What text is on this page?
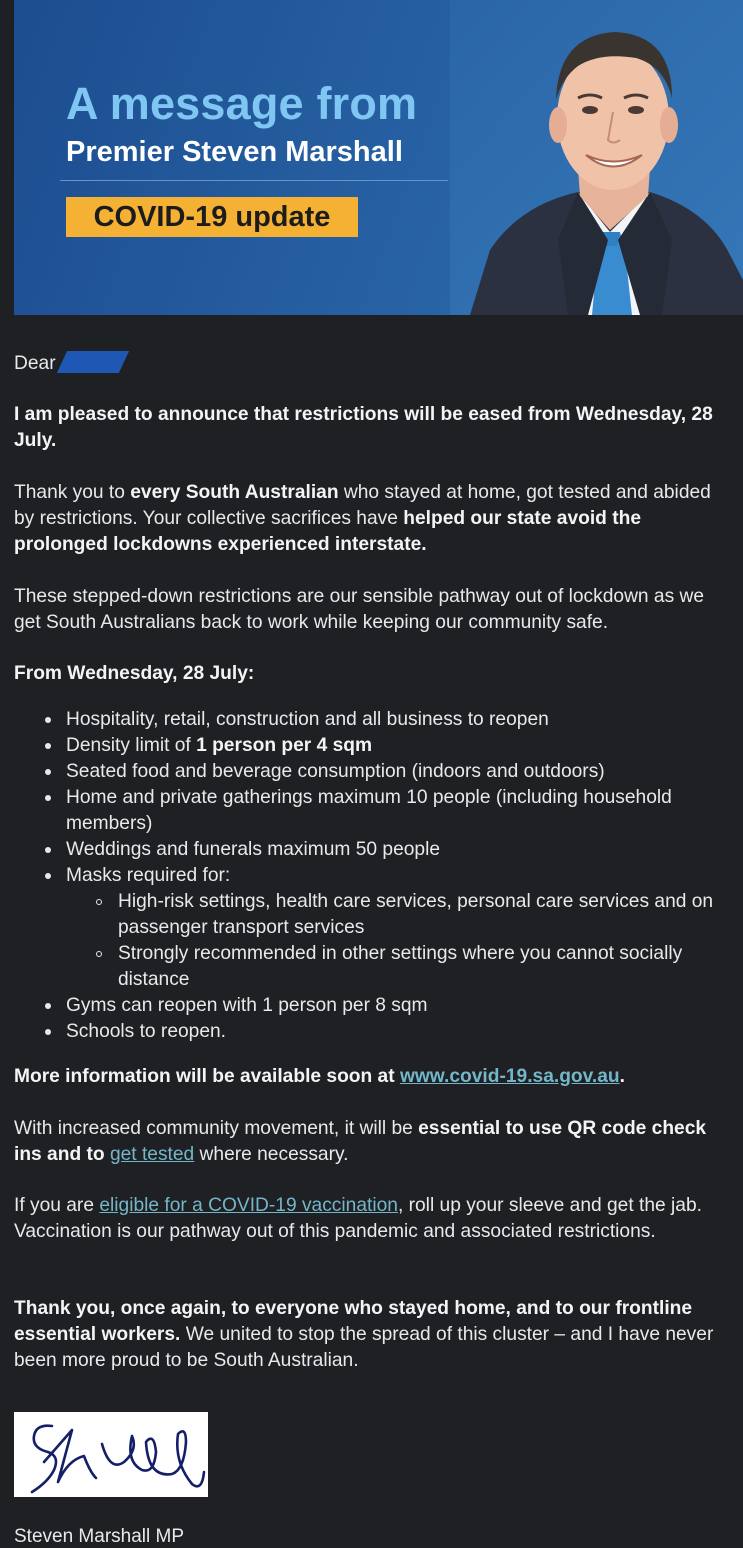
A message from
Premier Steven Marshall
COVID-19 update

Dear

I am pleased to announce that restrictions will be eased from Wednesday, 28 July.

Thank you to every South Australian who stayed at home, got tested and abided by restrictions. Your collective sacrifices have helped our state avoid the prolonged lockdowns experienced interstate.

These stepped-down restrictions are our sensible pathway out of lockdown as we get South Australians back to work while keeping our community safe.

From Wednesday, 28 July:

Hospitality, retail, construction and all business to reopen
Density limit of 1 person per 4 sqm
Seated food and beverage consumption (indoors and outdoors)
Home and private gatherings maximum 10 people (including household members)
Weddings and funerals maximum 50 people
Masks required for:
High-risk settings, health care services, personal care services and on passenger transport services
Strongly recommended in other settings where you cannot socially distance
Gyms can reopen with 1 person per 8 sqm
Schools to reopen.

More information will be available soon at www.covid-19.sa.gov.au.

With increased community movement, it will be essential to use QR code check ins and to get tested where necessary.

If you are eligible for a COVID-19 vaccination, roll up your sleeve and get the jab. Vaccination is our pathway out of this pandemic and associated restrictions.

Thank you, once again, to everyone who stayed home, and to our frontline essential workers. We united to stop the spread of this cluster – and I have never been more proud to be South Australian.

Steven Marshall MP
